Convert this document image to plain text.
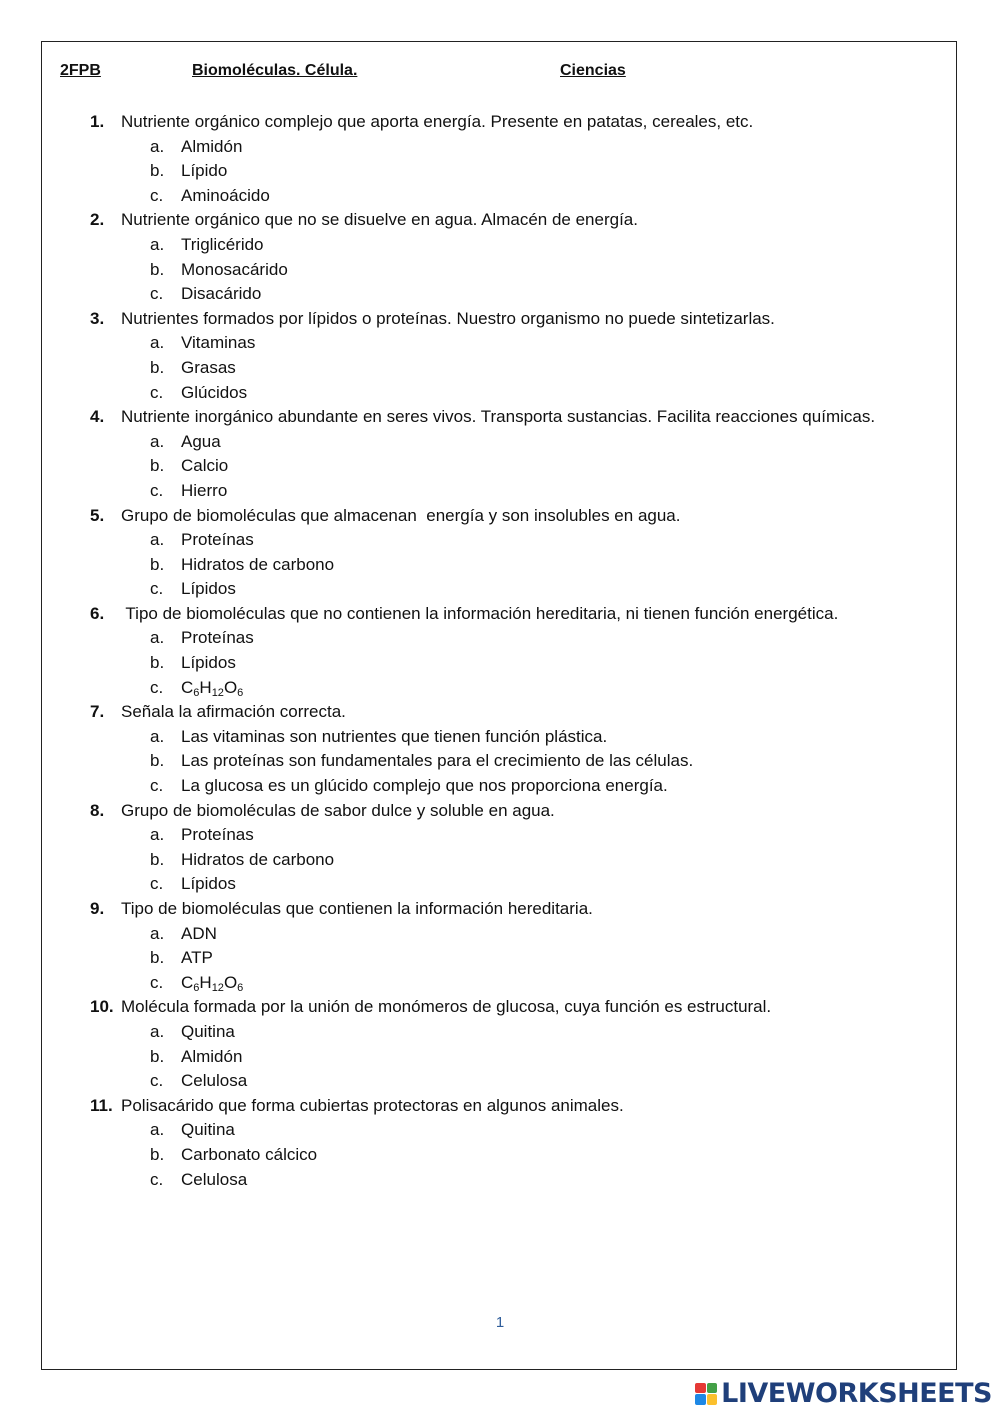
2FPB	Biomoléculas. Célula.	Ciencias
1. Nutriente orgánico complejo que aporta energía. Presente en patatas, cereales, etc.
a. Almidón
b. Lípido
c.	Aminoácido
2. Nutriente orgánico que no se disuelve en agua. Almacén de energía.
a. Triglicérido
b. Monosacárido
c.	Disacárido
3. Nutrientes formados por lípidos o proteínas. Nuestro organismo no puede sintetizarlas.
a. Vitaminas
b. Grasas
c.	Glúcidos
4. Nutriente inorgánico abundante en seres vivos. Transporta sustancias. Facilita reacciones químicas.
a. Agua
b. Calcio
c.	Hierro
5. Grupo de biomoléculas que almacenan  energía y son insolubles en agua.
a. Proteínas
b. Hidratos de carbono
c.	Lípidos
6. Tipo de biomoléculas que no contienen la información hereditaria, ni tienen función energética.
a. Proteínas
b. Lípidos
c.	$C_6H_{12}O_6$
7. Señala la afirmación correcta.
a. Las vitaminas son nutrientes que tienen función plástica.
b. Las proteínas son fundamentales para el crecimiento de las células.
c.	La glucosa es un glúcido complejo que nos proporciona energía.
8. Grupo de biomoléculas de sabor dulce y soluble en agua.
a. Proteínas
b. Hidratos de carbono
c.	Lípidos
9. Tipo de biomoléculas que contienen la información hereditaria.
a. ADN
b. ATP
c.	$C_6H_{12}O_6$
10. Molécula formada por la unión de monómeros de glucosa, cuya función es estructural.
a. Quitina
b. Almidón
c.	Celulosa
11. Polisacárido que forma cubiertas protectoras en algunos animales.
a. Quitina
b. Carbonato cálcico
c.	Celulosa
1
LIVEWORKSHEETS
